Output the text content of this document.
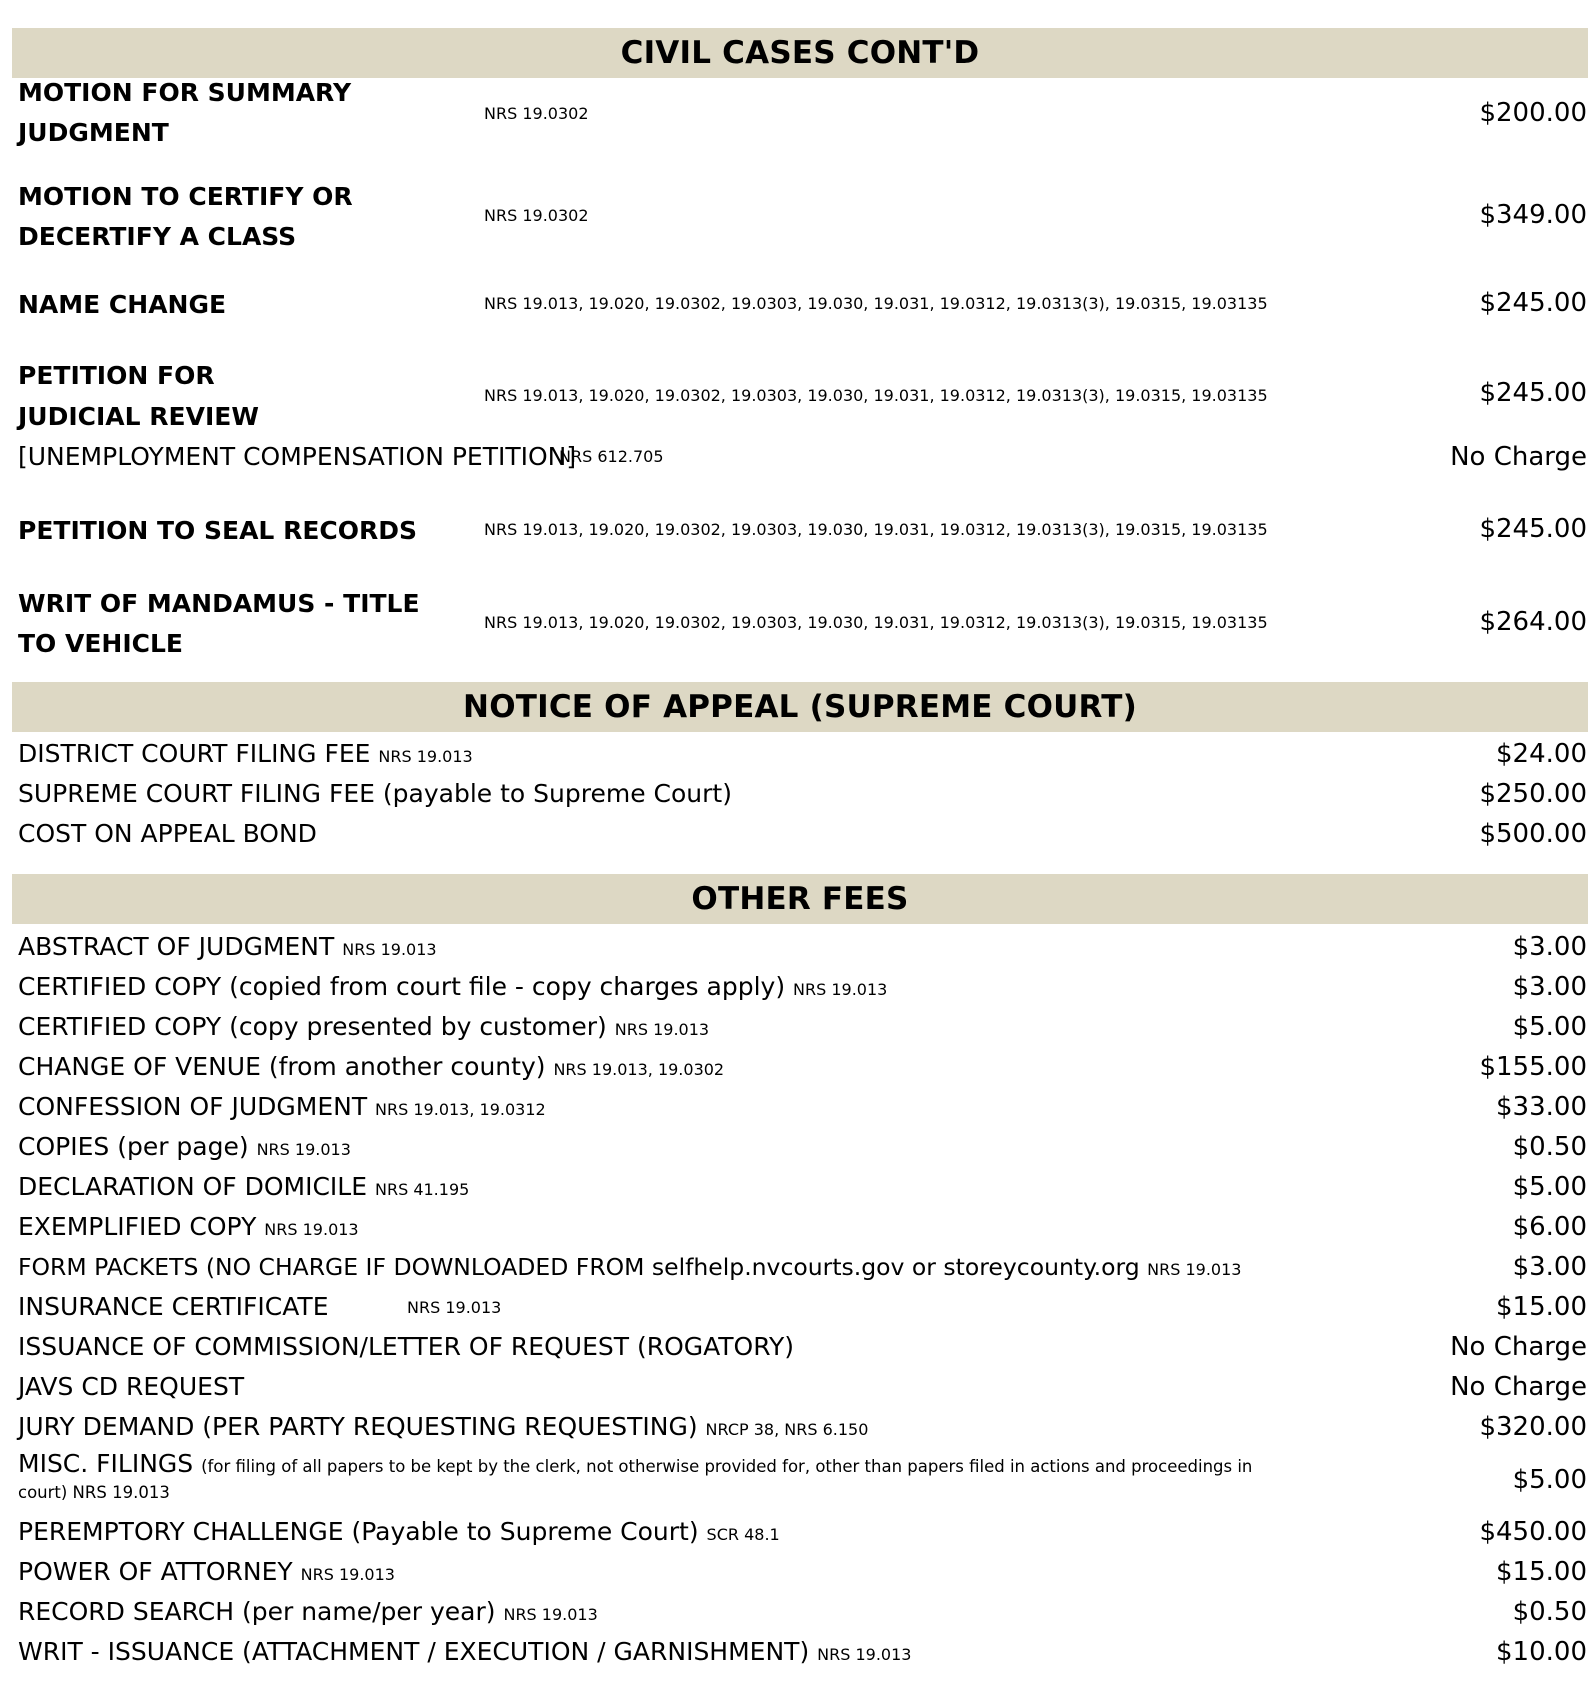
CIVIL CASES CONT'D
MOTION FOR SUMMARY
JUDGMENT
NRS 19.0302	$200.00
MOTION TO CERTIFY OR
DECERTIFY A CLASS
NRS 19.0302	$349.00
NAME CHANGE	NRS 19.013, 19.020, 19.0302, 19.0303, 19.030, 19.031, 19.0312, 19.0313(3), 19.0315, 19.03135	$245.00
PETITION FOR
JUDICIAL REVIEW
NRS 19.013, 19.020, 19.0302, 19.0303, 19.030, 19.031, 19.0312, 19.0313(3), 19.0315, 19.03135	$245.00
[UNEMPLOYMENT COMPENSATION PETITION]
NRS 612.705	No Charge
PETITION TO SEAL RECORDS	NRS 19.013, 19.020, 19.0302, 19.0303, 19.030, 19.031, 19.0312, 19.0313(3), 19.0315, 19.03135	$245.00
WRIT OF MANDAMUS - TITLE
TO VEHICLE
NRS 19.013, 19.020, 19.0302, 19.0303, 19.030, 19.031, 19.0312, 19.0313(3), 19.0315, 19.03135	$264.00
NOTICE OF APPEAL (SUPREME COURT)
DISTRICT COURT FILING FEE NRS 19.013	$24.00
SUPREME COURT FILING FEE (payable to Supreme Court)	$250.00
COST ON APPEAL BOND	$500.00
OTHER FEES
ABSTRACT OF JUDGMENT NRS 19.013	$3.00
CERTIFIED COPY (copied from court file - copy charges apply) NRS 19.013	$3.00
CERTIFIED COPY (copy presented by customer) NRS 19.013	$5.00
CHANGE OF VENUE (from another county) NRS 19.013, 19.0302	$155.00
CONFESSION OF JUDGMENT NRS 19.013, 19.0312	$33.00
COPIES (per page) NRS 19.013	$0.50
DECLARATION OF DOMICILE NRS 41.195	$5.00
EXEMPLIFIED COPY NRS 19.013	$6.00
FORM PACKETS (NO CHARGE IF DOWNLOADED FROM selfhelp.nvcourts.gov or storeycounty.org NRS 19.013	$3.00
INSURANCE CERTIFICATE	NRS 19.013	$15.00
ISSUANCE OF COMMISSION/LETTER OF REQUEST (ROGATORY)	No Charge
JAVS CD REQUEST	No Charge
JURY DEMAND (PER PARTY REQUESTING REQUESTING) NRCP 38, NRS 6.150	$320.00
MISC. FILINGS (for filing of all papers to be kept by the clerk, not otherwise provided for, other than papers filed in actions and proceedings in
court) NRS 19.013	$5.00
PEREMPTORY CHALLENGE (Payable to Supreme Court) SCR 48.1	$450.00
POWER OF ATTORNEY NRS 19.013	$15.00
RECORD SEARCH (per name/per year) NRS 19.013	$0.50
WRIT - ISSUANCE (ATTACHMENT / EXECUTION / GARNISHMENT) NRS 19.013	$10.00
